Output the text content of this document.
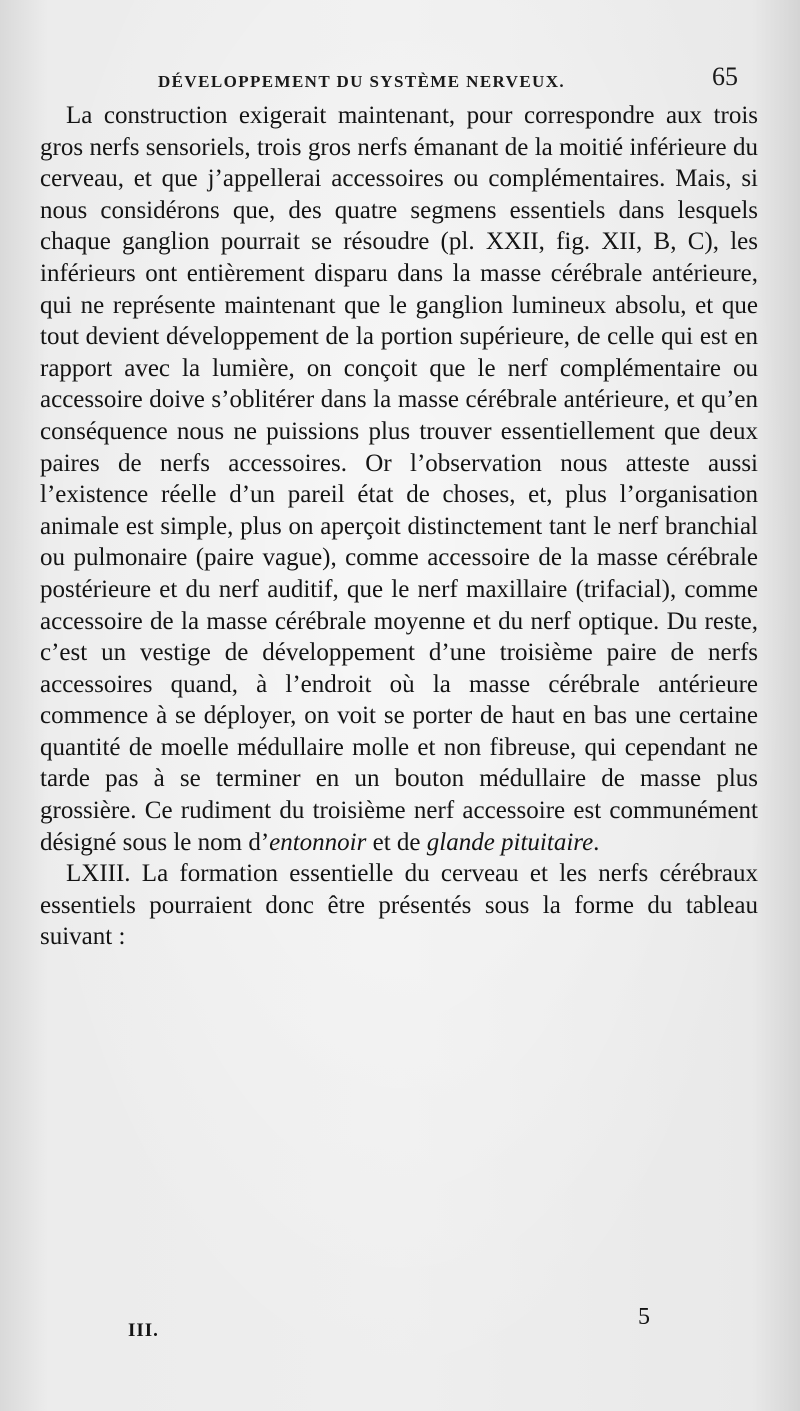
DÉVELOPPEMENT DU SYSTÈME NERVEUX.	65

La construction exigerait maintenant, pour correspondre aux trois gros nerfs sensoriels, trois gros nerfs émanant de la moitié inférieure du cerveau, et que j’appellerai accessoires ou complémentaires. Mais, si nous considérons que, des quatre segmens essentiels dans lesquels chaque ganglion pourrait se résoudre (pl. XXII, fig. XII, B, C), les inférieurs ont entièrement disparu dans la masse cérébrale antérieure, qui ne représente maintenant que le ganglion lumineux absolu, et que tout devient développement de la portion supérieure, de celle qui est en rapport avec la lumière, on conçoit que le nerf complémentaire ou accessoire doive s’oblitérer dans la masse cérébrale antérieure, et qu’en conséquence nous ne puissions plus trouver essentiellement que deux paires de nerfs accessoires. Or l’observation nous atteste aussi l’existence réelle d’un pareil état de choses, et, plus l’organisation animale est simple, plus on aperçoit distinctement tant le nerf branchial ou pulmonaire (paire vague), comme accessoire de la masse cérébrale postérieure et du nerf auditif, que le nerf maxillaire (trifacial), comme accessoire de la masse cérébrale moyenne et du nerf optique. Du reste, c’est un vestige de développement d’une troisième paire de nerfs accessoires quand, à l’endroit où la masse cérébrale antérieure commence à se déployer, on voit se porter de haut en bas une certaine quantité de moelle médullaire molle et non fibreuse, qui cependant ne tarde pas à se terminer en un bouton médullaire de masse plus grossière. Ce rudiment du troisième nerf accessoire est communément désigné sous le nom d’entonnoir et de glande pituitaire.

LXIII. La formation essentielle du cerveau et les nerfs cérébraux essentiels pourraient donc être présentés sous la forme du tableau suivant :

III.
5
